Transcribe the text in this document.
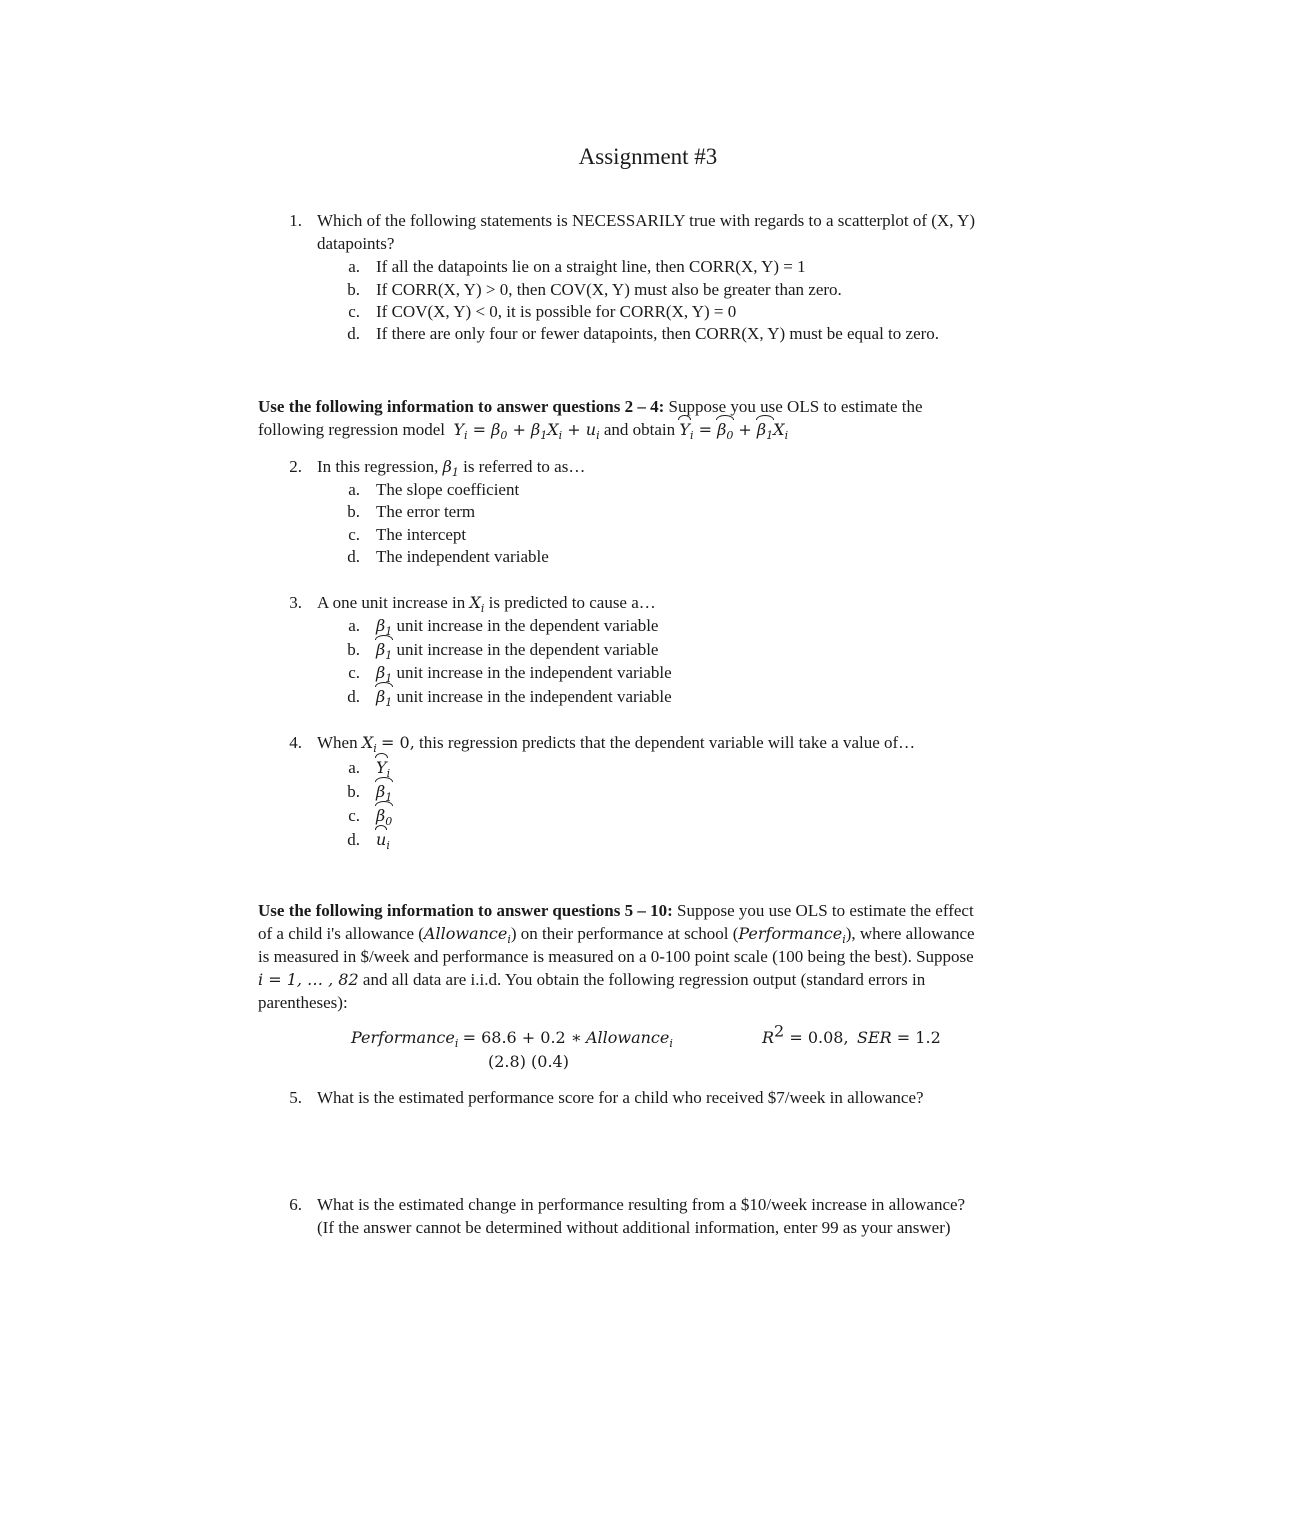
Assignment #3
1. Which of the following statements is NECESSARILY true with regards to a scatterplot of (X, Y)
datapoints?
a. If all the datapoints lie on a straight line, then CORR(X, Y) = 1
b. If CORR(X, Y) > 0, then COV(X, Y) must also be greater than zero.
c. If COV(X, Y) < 0, it is possible for CORR(X, Y) = 0
d. If there are only four or fewer datapoints, then CORR(X, Y) must be equal to zero.
Use the following information to answer questions 2 – 4: Suppose you use OLS to estimate the
following regression model $Y_i = \beta_0 + \beta_1X_i + u_i$ and obtain $Y_i = \beta_0 + \beta_1X_i$
2. In this regression, $\beta_1$ is referred to as…
a. The slope coefficient
b. The error term
c. The intercept
d. The independent variable
3. A one unit increase in $X_i$ is predicted to cause a…
a. $\beta_1$ unit increase in the dependent variable
b. $\beta_1$ unit increase in the dependent variable
c. $\beta_1$ unit increase in the independent variable
d. $\beta_1$ unit increase in the independent variable
4. When $X_i = 0$, this regression predicts that the dependent variable will take a value of…
a. $Y_i$
b. $\beta_1$
c. $\beta_0$
d. $u_i$
Use the following information to answer questions 5 – 10: Suppose you use OLS to estimate the effect
of a child i's allowance (Allowance$_i$) on their performance at school (Performance$_i$), where allowance
is measured in $/week and performance is measured on a 0-100 point scale (100 being the best). Suppose
i = 1, … , 82 and all data are i.i.d. You obtain the following regression output (standard errors in
parentheses):
Performance$_i$ = 68.6 + 0.2 ∗ Allowance$_i$
(2.8) (0.4)
$R^2 = 0.08$, SER = 1.2
5. What is the estimated performance score for a child who received $7/week in allowance?
6. What is the estimated change in performance resulting from a $10/week increase in allowance?
(If the answer cannot be determined without additional information, enter 99 as your answer)
